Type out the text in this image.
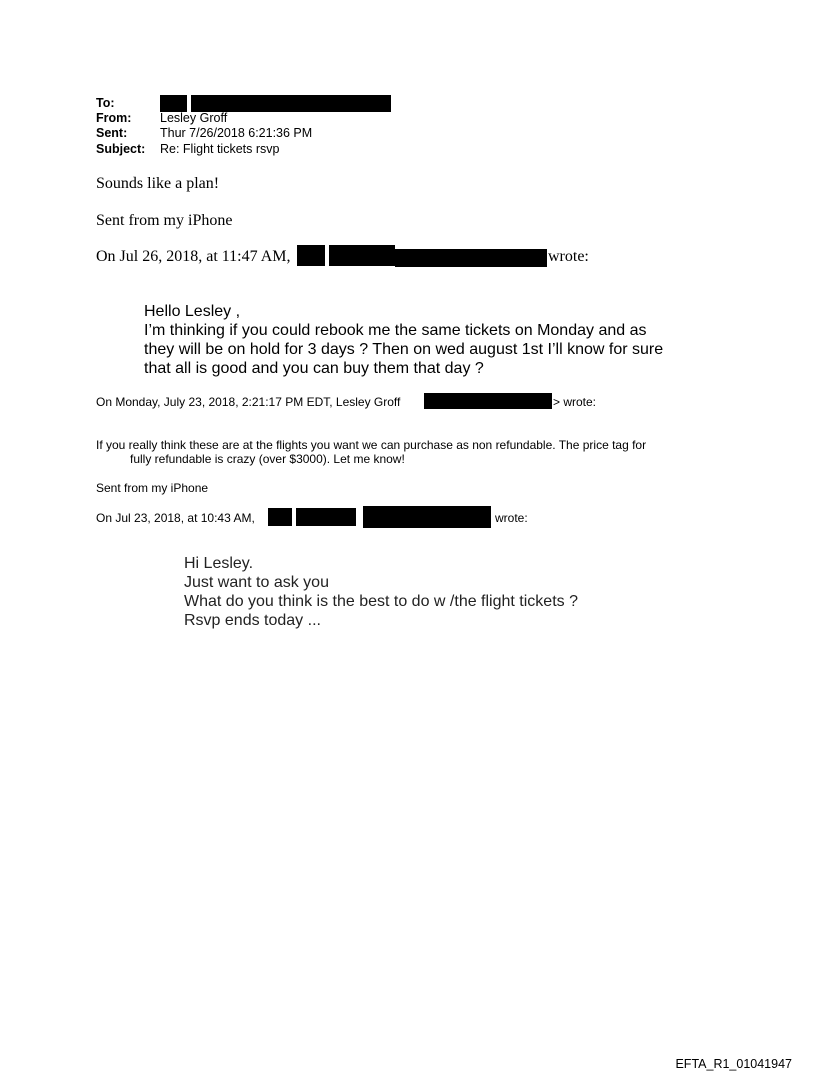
To:
From: Lesley Groff
Sent:	Thur 7/26/2018 6:21:36 PM
Subject: Re: Flight tickets rsvp
Sounds like a plan!
Sent from my iPhone
On Jul 26, 2018, at 11:47 AM,	wrote:
Hello Lesley ,
I’m thinking if you could rebook me the same tickets on Monday and as
they will be on hold for 3 days ? Then on wed august 1st I’ll know for sure
that all is good and you can buy them that day ?
On Monday, July 23, 2018, 2:21:17 PM EDT, Lesley Groff	> wrote:
If you really think these are at the flights you want we can purchase as non refundable. The price tag for
fully refundable is crazy (over $3000). Let me know!
Sent from my iPhone
On Jul 23, 2018, at 10:43 AM,	wrote:
Hi Lesley.
Just want to ask you
What do you think is the best to do w /the flight tickets ?
Rsvp ends today ...
EFTA_R1_01041947
